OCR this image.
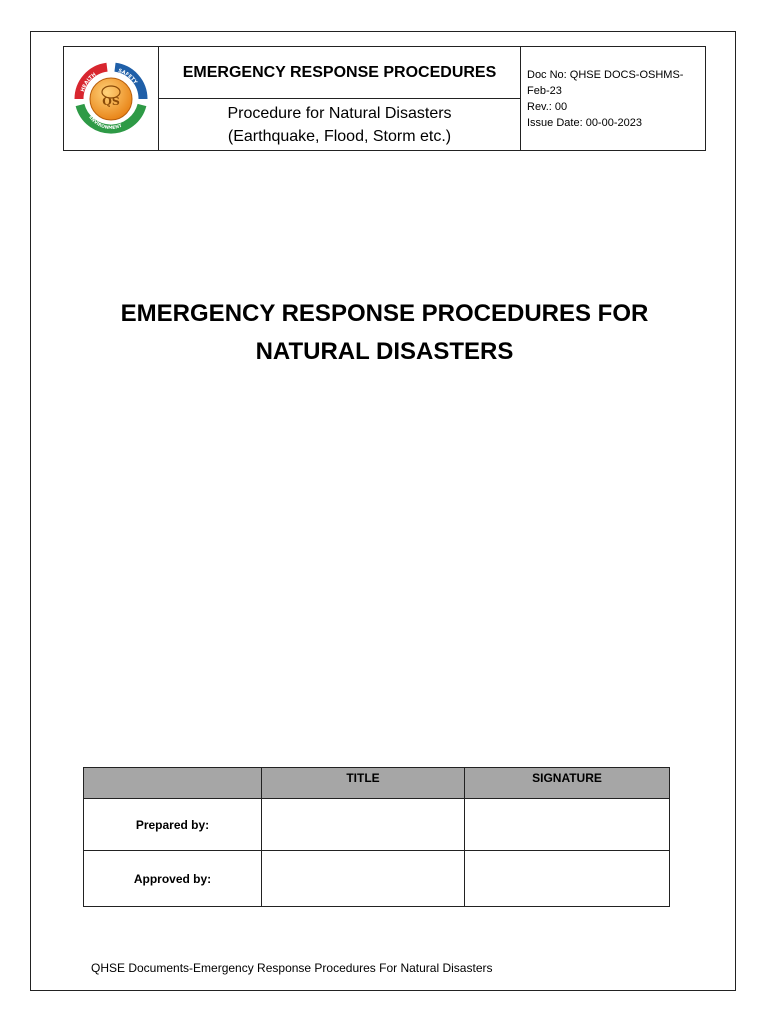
QS
HEALTH
SAFETY
ENVIRONMENT
EMERGENCY RESPONSE PROCEDURES
Procedure for Natural Disasters
(Earthquake, Flood, Storm etc.)
Doc No: QHSE DOCS-OSHMS-
Feb-23
Rev.: 00
Issue Date: 00-00-2023
EMERGENCY RESPONSE PROCEDURES FOR
NATURAL DISASTERS
	TITLE	SIGNATURE
Prepared by:		
Approved by:		
QHSE Documents-Emergency Response Procedures For Natural Disasters
